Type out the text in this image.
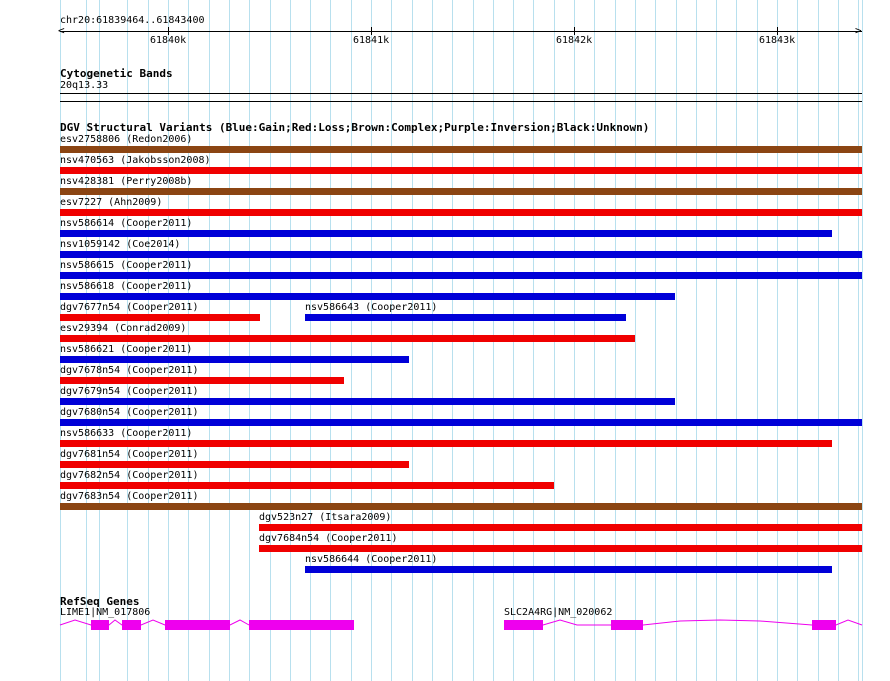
chr20:61839464..61843400
<	>
61840k	61841k	61842k	61843k
Cytogenetic Bands
20q13.33
DGV Structural Variants (Blue:Gain;Red:Loss;Brown:Complex;Purple:Inversion;Black:Unknown)
esv2758806 (Redon2006)
nsv470563 (Jakobsson2008)
nsv428381 (Perry2008b)
esv7227 (Ahn2009)
nsv586614 (Cooper2011)
nsv1059142 (Coe2014)
nsv586615 (Cooper2011)
nsv586618 (Cooper2011)
dgv7677n54 (Cooper2011)	nsv586643 (Cooper2011)
esv29394 (Conrad2009)
nsv586621 (Cooper2011)
dgv7678n54 (Cooper2011)
dgv7679n54 (Cooper2011)
dgv7680n54 (Cooper2011)
nsv586633 (Cooper2011)
dgv7681n54 (Cooper2011)
dgv7682n54 (Cooper2011)
dgv7683n54 (Cooper2011)
dgv523n27 (Itsara2009)
dgv7684n54 (Cooper2011)
nsv586644 (Cooper2011)
RefSeq Genes
LIME1|NM_017806	SLC2A4RG|NM_020062
